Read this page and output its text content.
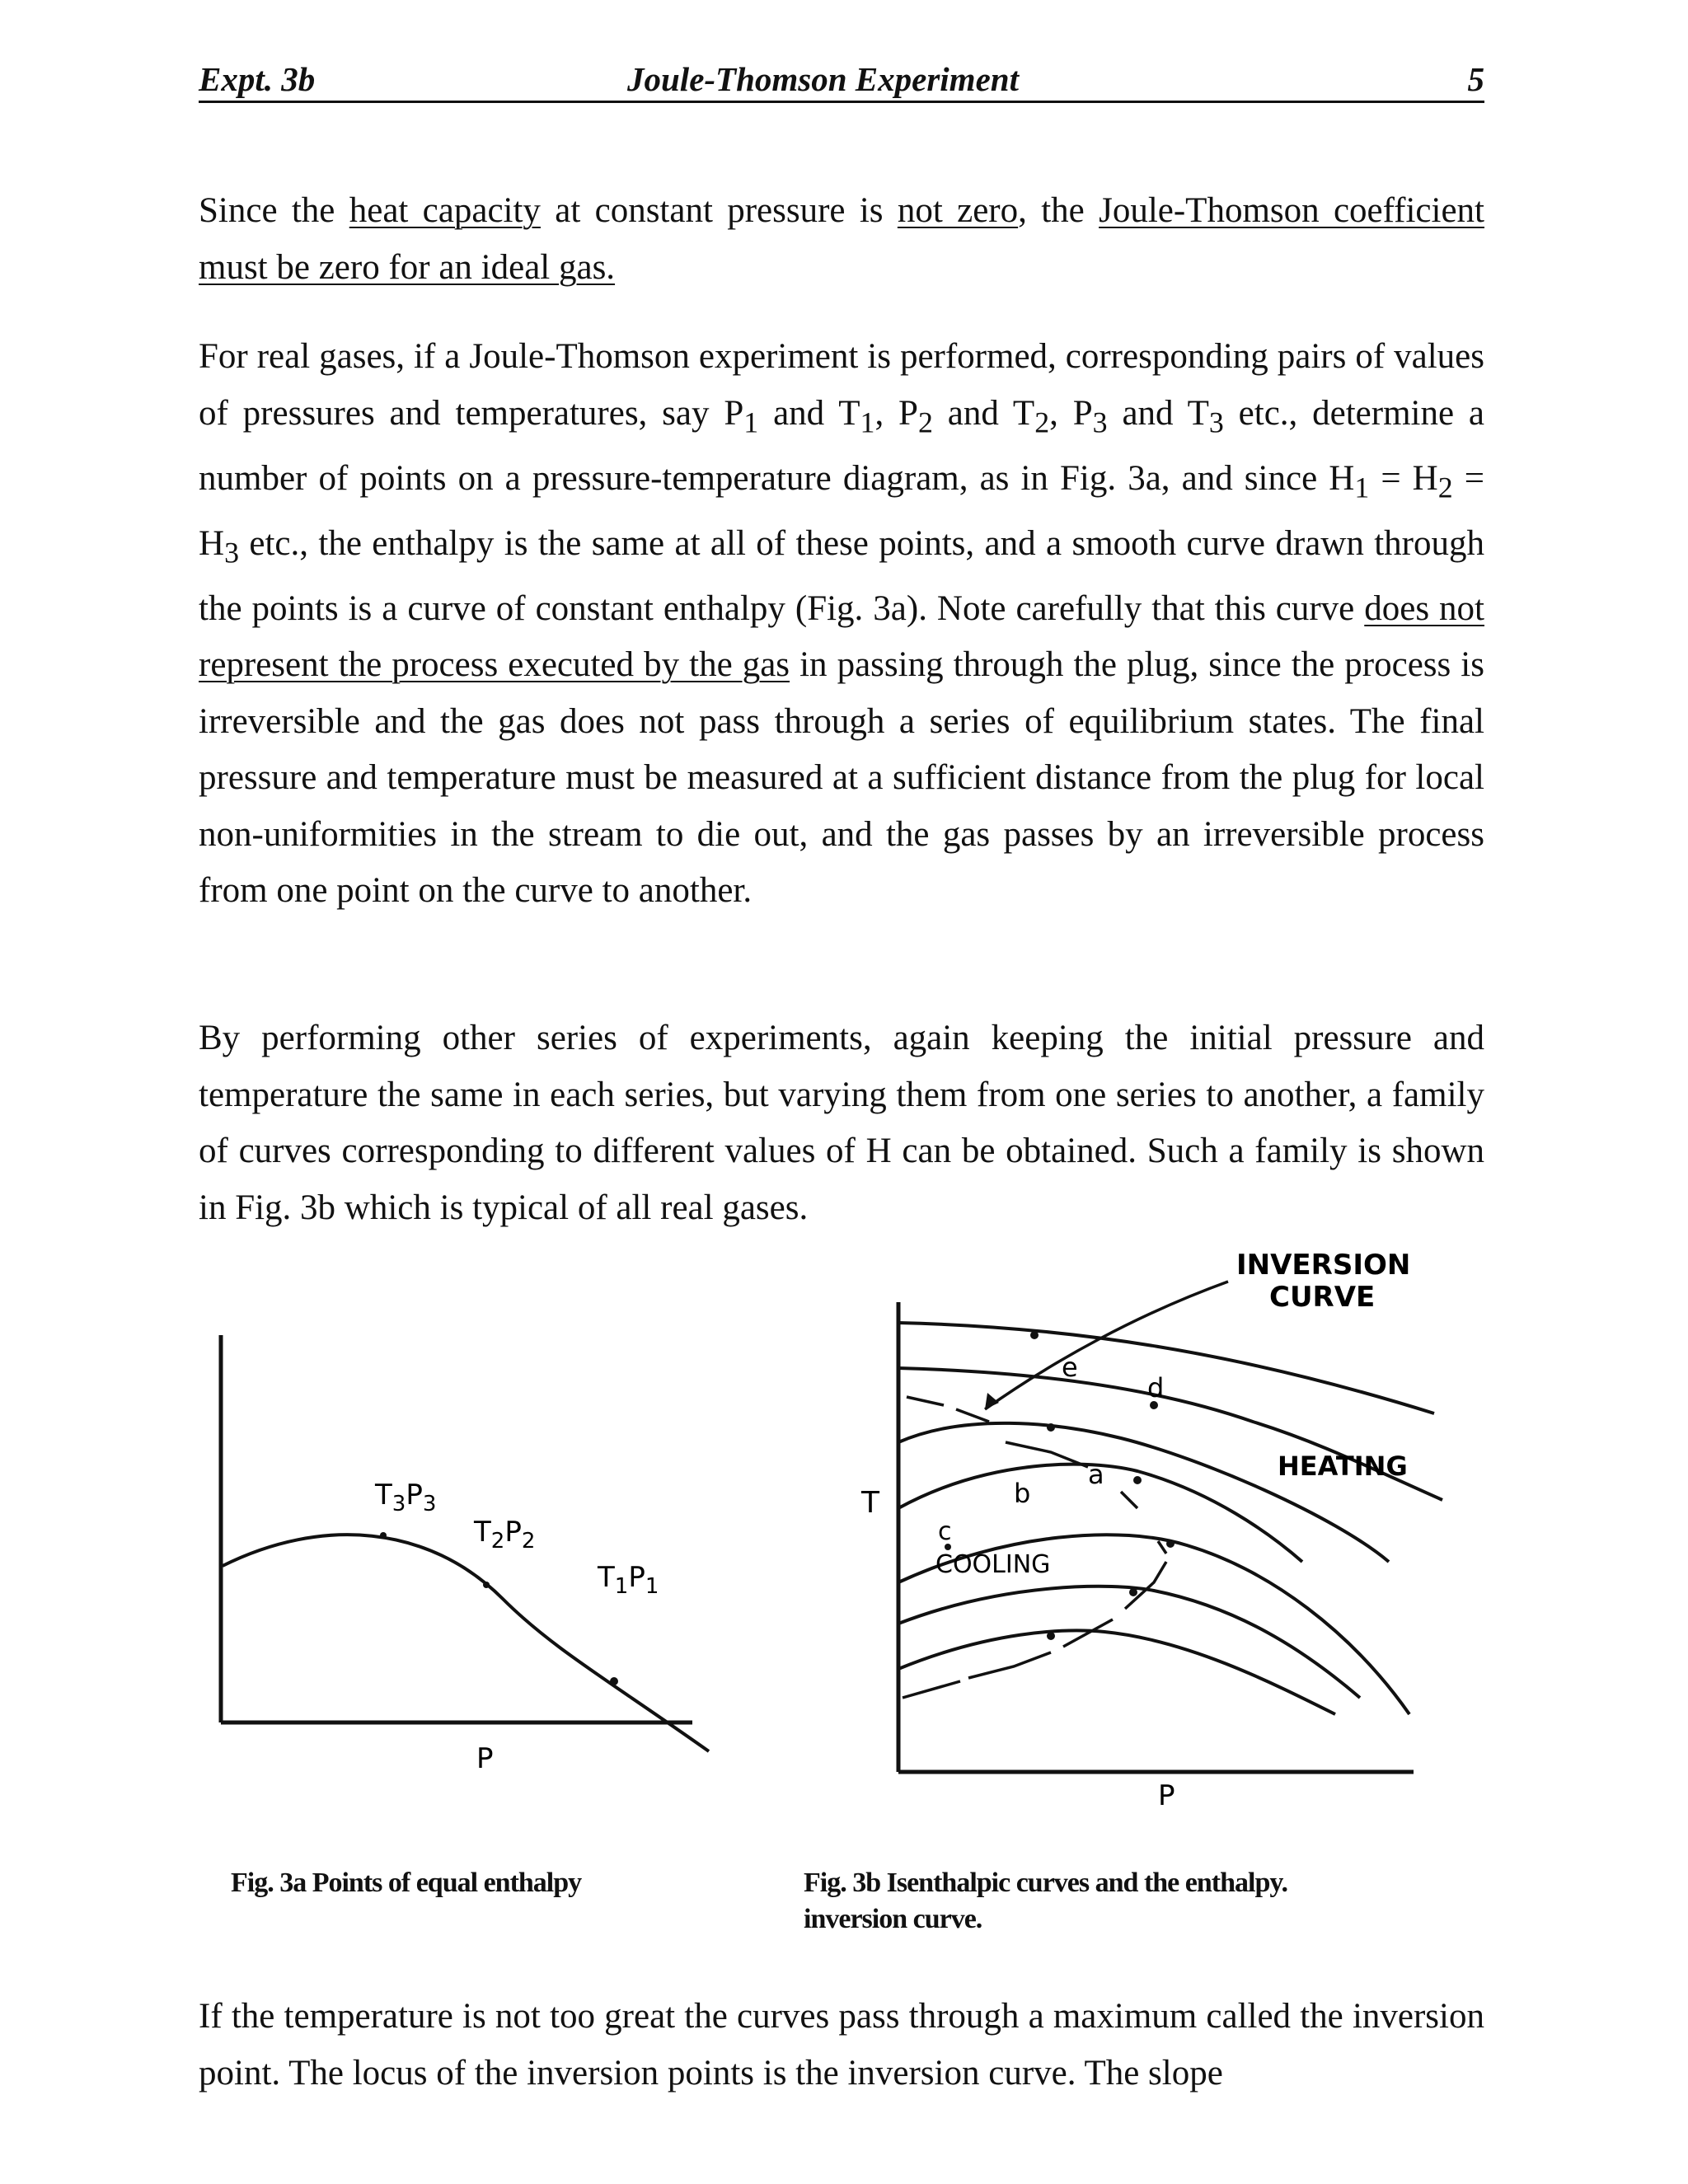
Expt. 3b	Joule-Thomson Experiment	5

Since the heat capacity at constant pressure is not zero, the Joule-Thomson coefficient must be zero for an ideal gas.

For real gases, if a Joule-Thomson experiment is performed, corresponding pairs of values of pressures and temperatures, say $P_1$ and $T_1$, $P_2$ and $T_2$, $P_3$ and $T_3$ etc., determine a number of points on a pressure-temperature diagram, as in Fig. 3a, and since $H_1 = H_2 = H_3$ etc., the enthalpy is the same at all of these points, and a smooth curve drawn through the points is a curve of constant enthalpy (Fig. 3a). Note carefully that this curve does not represent the process executed by the gas in passing through the plug, since the process is irreversible and the gas does not pass through a series of equilibrium states. The final pressure and temperature must be measured at a sufficient distance from the plug for local non-uniformities in the stream to die out, and the gas passes by an irreversible process from one point on the curve to another.

By performing other series of experiments, again keeping the initial pressure and temperature the same in each series, but varying them from one series to another, a family of curves corresponding to different values of H can be obtained. Such a family is shown in Fig. 3b which is typical of all real gases.

$T_3P_3$
$T_2P_2$
$T_1P_1$
P
Fig. 3a Points of equal enthalpy
INVERSION
CURVE
HEATING
COOLING
T
P
a
b
c
d
e
Fig. 3b Isenthalpic curves and the enthalpy.
inversion curve.

If the temperature is not too great the curves pass through a maximum called the inversion point. The locus of the inversion points is the inversion curve. The slope
